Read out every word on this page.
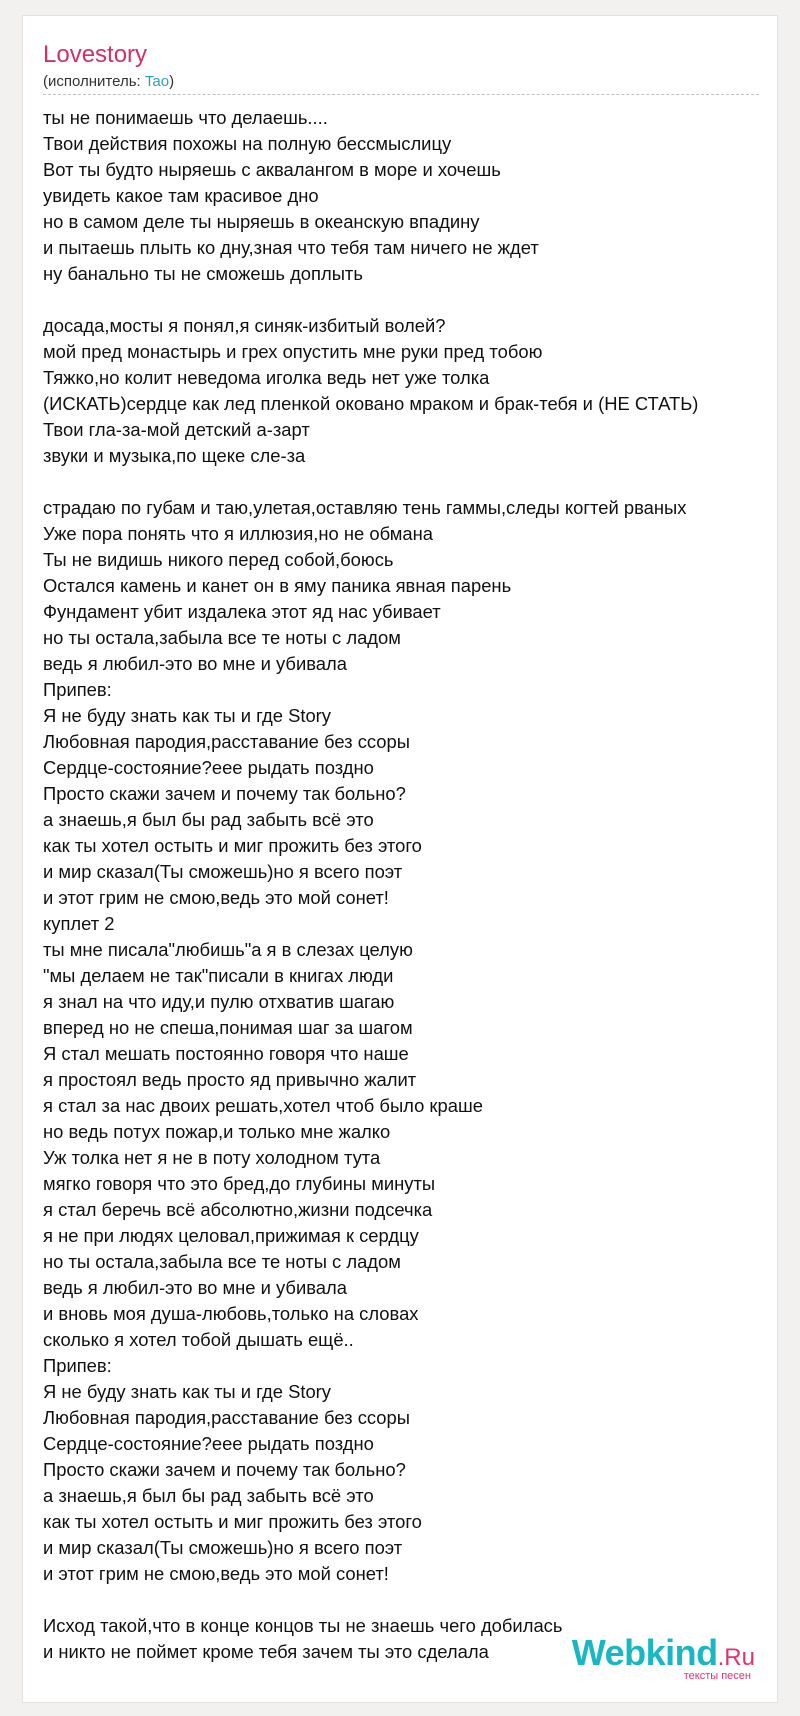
Lovestory
(исполнитель: Tao)
ты не понимаешь что делаешь....
Твои действия похожы на полную бессмыслицу
Вот ты будто ныряешь с аквалангом в море и хочешь
увидеть какое там красивое дно
но в самом деле ты ныряешь в океанскую впадину
и пытаешь плыть ко дну,зная что тебя там ничего не ждет
ну банально ты не сможешь доплыть
досада,мосты я понял,я синяк-избитый волей?
мой пред монастырь и грех опустить мне руки пред тобою
Тяжко,но колит неведома иголка ведь нет уже толка
(ИСКАТЬ)сердце как лед пленкой оковано мраком и брак-тебя и (НЕ СТАТЬ)
Твои гла-за-мой детский а-зарт
звуки и музыка,по щеке сле-за
страдаю по губам и таю,улетая,оставляю тень гаммы,следы когтей рваных
Уже пора понять что я иллюзия,но не обмана
Ты не видишь никого перед собой,боюсь
Остался камень и канет он в яму паника явная парень
Фундамент убит издалека этот яд нас убивает
но ты остала,забыла все те ноты с ладом
ведь я любил-это во мне и убивала
Припев:
Я не буду знать как ты и где Story
Любовная пародия,расставание без ссоры
Сердце-состояние?еее рыдать поздно
Просто скажи зачем и почему так больно?
а знаешь,я был бы рад забыть всё это
как ты хотел остыть и миг прожить без этого
и мир сказал(Ты сможешь)но я всего поэт
и этот грим не смою,ведь это мой сонет!
куплет 2
ты мне писала"любишь"а я в слезах целую
"мы делаем не так"писали в книгах люди
я знал на что иду,и пулю отхватив шагаю
вперед но не спеша,понимая шаг за шагом
Я стал мешать постоянно говоря что наше
я простоял ведь просто яд привычно жалит
я стал за нас двоих решать,хотел чтоб было краше
но ведь потух пожар,и только мне жалко
Уж толка нет я не в поту холодном тута
мягко говоря что это бред,до глубины минуты
я стал беречь всё абсолютно,жизни подсечка
я не при людях целовал,прижимая к сердцу
но ты остала,забыла все те ноты с ладом
ведь я любил-это во мне и убивала
и вновь моя душа-любовь,только на словах
сколько я хотел тобой дышать ещё..
Припев:
Я не буду знать как ты и где Story
Любовная пародия,расставание без ссоры
Сердце-состояние?еее рыдать поздно
Просто скажи зачем и почему так больно?
а знаешь,я был бы рад забыть всё это
как ты хотел остыть и миг прожить без этого
и мир сказал(Ты сможешь)но я всего поэт
и этот грим не смою,ведь это мой сонет!
Исход такой,что в конце концов ты не знаешь чего добилась
и никто не поймет кроме тебя зачем ты это сделала	Webkind.Ru
тексты песен
